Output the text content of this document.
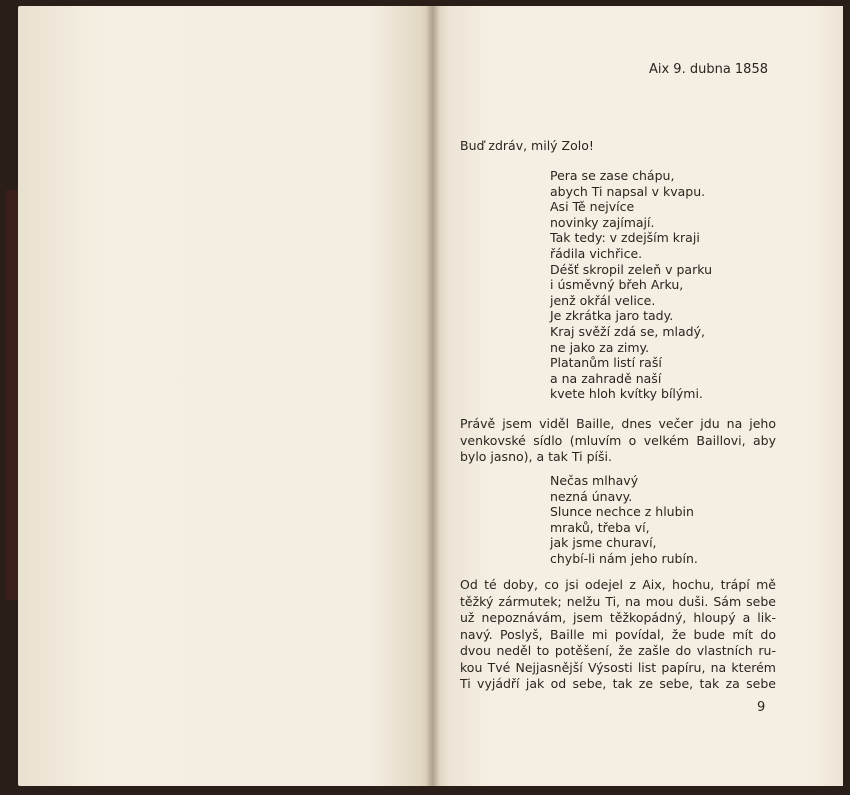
Aix 9. dubna 1858
Buď zdráv, milý Zolo!
Pera se zase chápu,
abych Ti napsal v kvapu.
Asi Tě nejvíce
novinky zajímají.
Tak tedy: v zdejším kraji
řádila vichřice.
Déšť skropil zeleň v parku
i úsměvný břeh Arku,
jenž okřál velice.
Je zkrátka jaro tady.
Kraj svěží zdá se, mladý,
ne jako za zimy.
Platanům listí raší
a na zahradě naší
kvete hloh kvítky bílými.
Právě jsem viděl Baille, dnes večer jdu na jeho
venkovské sídlo (mluvím o velkém Baillovi, aby
bylo jasno), a tak Ti píši.
Nečas mlhavý
nezná únavy.
Slunce nechce z hlubin
mraků, třeba ví,
jak jsme churaví,
chybí-li nám jeho rubín.
Od té doby, co jsi odejel z Aix, hochu, trápí mě
těžký zármutek; nelžu Ti, na mou duši. Sám sebe
už nepoznávám, jsem těžkopádný, hloupý a lik-
navý. Poslyš, Baille mi povídal, že bude mít do
dvou neděl to potěšení, že zašle do vlastních ru-
kou Tvé Nejjasnější Výsosti list papíru, na kterém
Ti vyjádří jak od sebe, tak ze sebe, tak za sebe
9
